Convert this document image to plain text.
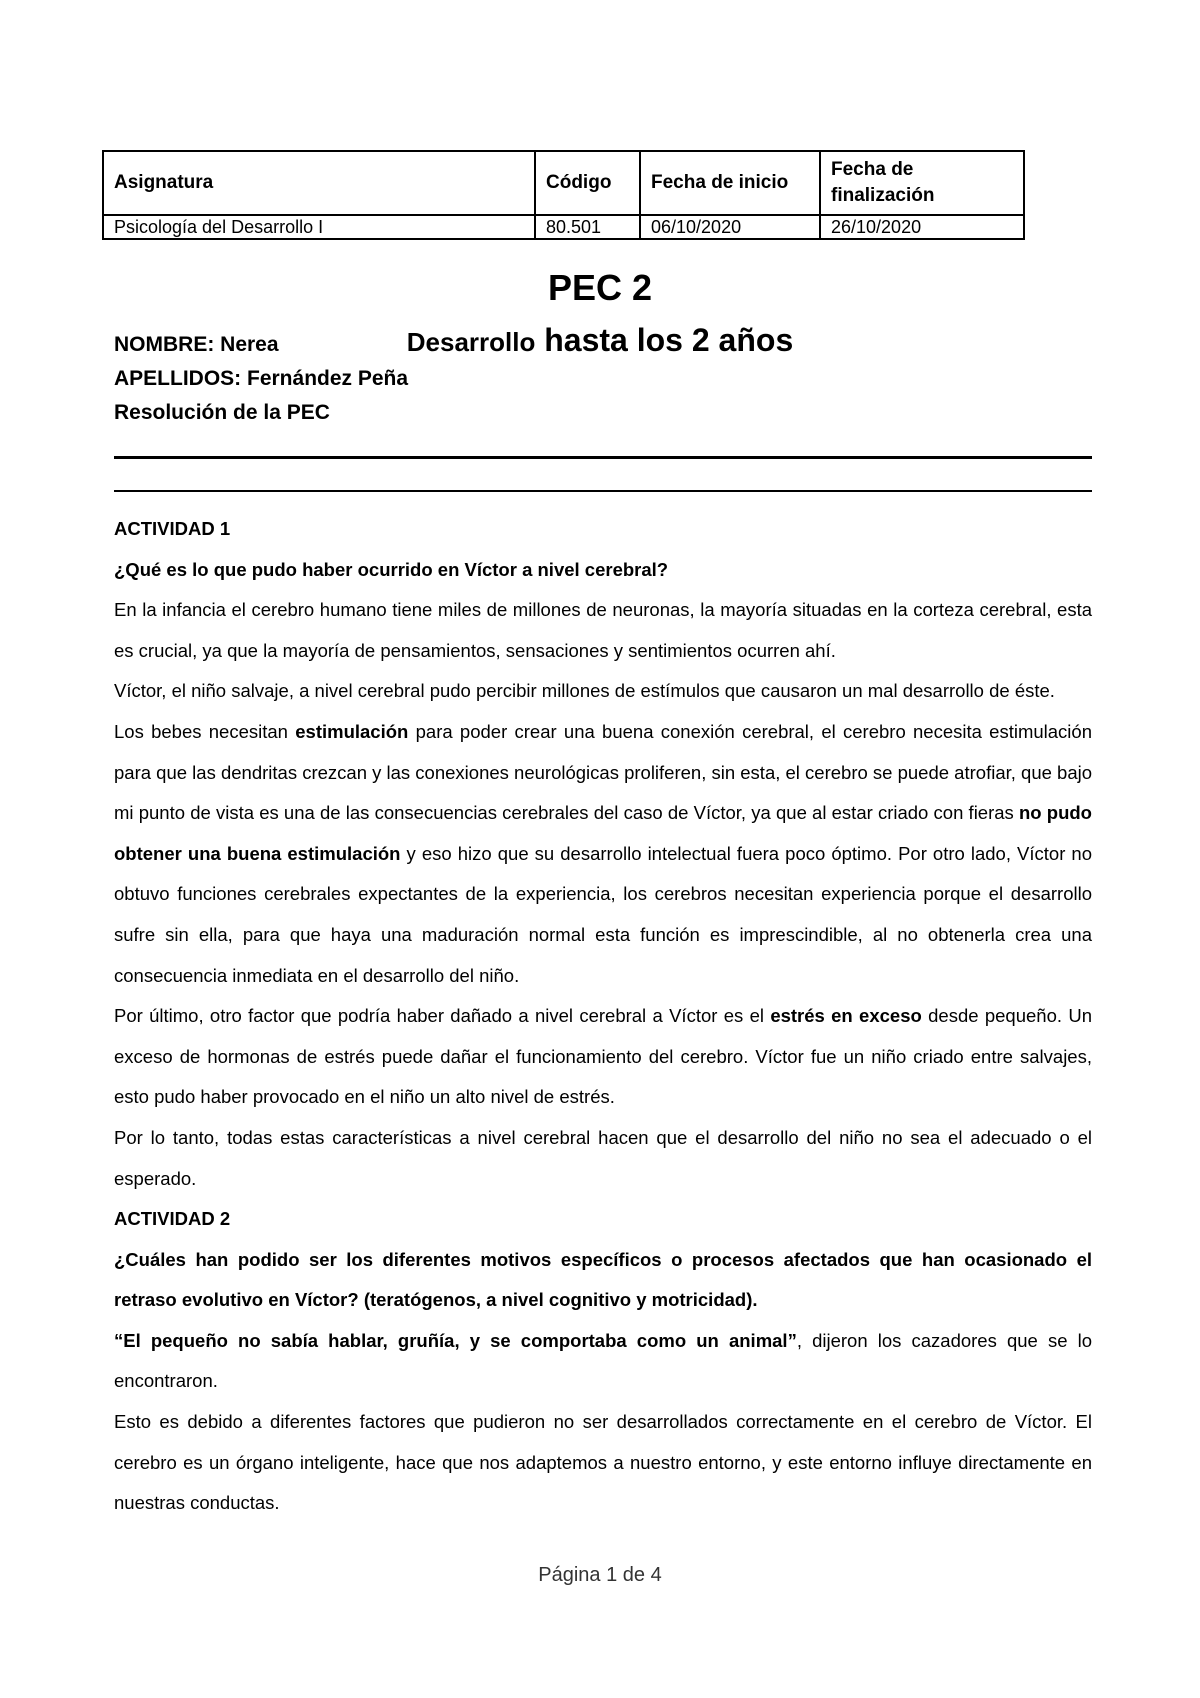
Asignatura	Código	Fecha de inicio	Fecha de finalización
Psicología del Desarrollo I	80.501	06/10/2020	26/10/2020
PEC 2
Desarrollo hasta los 2 años
NOMBRE: Nerea
APELLIDOS: Fernández Peña
Resolución de la PEC

ACTIVIDAD 1

¿Qué es lo que pudo haber ocurrido en Víctor a nivel cerebral?

En la infancia el cerebro humano tiene miles de millones de neuronas, la mayoría situadas en la corteza cerebral, esta es crucial, ya que la mayoría de pensamientos, sensaciones y sentimientos ocurren ahí.

Víctor, el niño salvaje, a nivel cerebral pudo percibir millones de estímulos que causaron un mal desarrollo de éste.

Los bebes necesitan estimulación para poder crear una buena conexión cerebral, el cerebro necesita estimulación para que las dendritas crezcan y las conexiones neurológicas proliferen, sin esta, el cerebro se puede atrofiar, que bajo mi punto de vista es una de las consecuencias cerebrales del caso de Víctor, ya que al estar criado con fieras no pudo obtener una buena estimulación y eso hizo que su desarrollo intelectual fuera poco óptimo. Por otro lado, Víctor no obtuvo funciones cerebrales expectantes de la experiencia, los cerebros necesitan experiencia porque el desarrollo sufre sin ella, para que haya una maduración normal esta función es imprescindible, al no obtenerla crea una consecuencia inmediata en el desarrollo del niño.

Por último, otro factor que podría haber dañado a nivel cerebral a Víctor es el estrés en exceso desde pequeño. Un exceso de hormonas de estrés puede dañar el funcionamiento del cerebro. Víctor fue un niño criado entre salvajes, esto pudo haber provocado en el niño un alto nivel de estrés.

Por lo tanto, todas estas características a nivel cerebral hacen que el desarrollo del niño no sea el adecuado o el esperado.

ACTIVIDAD 2

¿Cuáles han podido ser los diferentes motivos específicos o procesos afectados que han ocasionado el retraso evolutivo en Víctor? (teratógenos, a nivel cognitivo y motricidad).

“El pequeño no sabía hablar, gruñía, y se comportaba como un animal”, dijeron los cazadores que se lo encontraron.

Esto es debido a diferentes factores que pudieron no ser desarrollados correctamente en el cerebro de Víctor. El cerebro es un órgano inteligente, hace que nos adaptemos a nuestro entorno, y este entorno influye directamente en nuestras conductas.

Página 1 de 4
